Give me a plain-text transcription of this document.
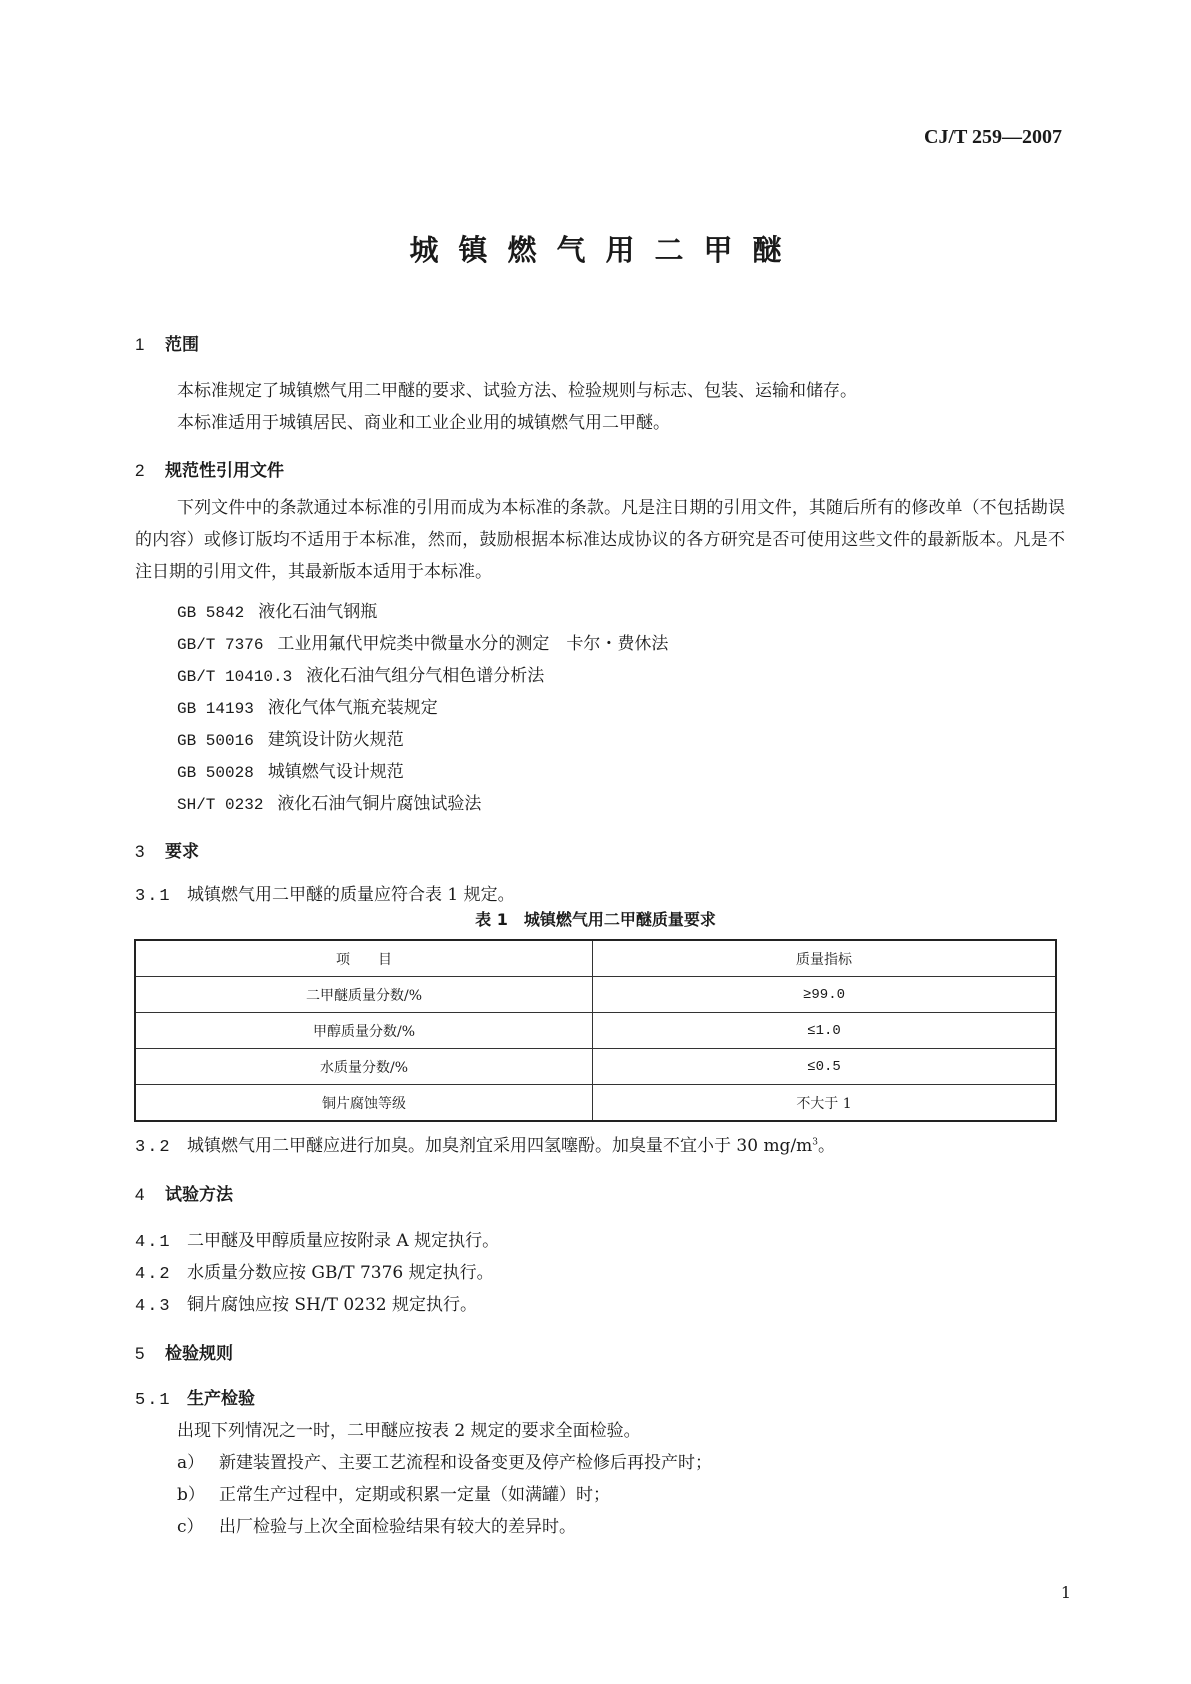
CJ/T 259—2007
城镇燃气用二甲醚
1 范围
本标准规定了城镇燃气用二甲醚的要求、试验方法、检验规则与标志、包装、运输和储存。
本标准适用于城镇居民、商业和工业企业用的城镇燃气用二甲醚。
2 规范性引用文件
下列文件中的条款通过本标准的引用而成为本标准的条款。凡是注日期的引用文件，其随后所有的修改单（不包括勘误的内容）或修订版均不适用于本标准，然而，鼓励根据本标准达成协议的各方研究是否可使用这些文件的最新版本。凡是不注日期的引用文件，其最新版本适用于本标准。
GB 5842 液化石油气钢瓶
GB/T 7376 工业用氟代甲烷类中微量水分的测定　卡尔・费休法
GB/T 10410.3 液化石油气组分气相色谱分析法
GB 14193 液化气体气瓶充装规定
GB 50016 建筑设计防火规范
GB 50028 城镇燃气设计规范
SH/T 0232 液化石油气铜片腐蚀试验法
3 要求
3.1 城镇燃气用二甲醚的质量应符合表 1 规定。
表 1　城镇燃气用二甲醚质量要求
项　　目	质量指标
二甲醚质量分数/%	≥99.0
甲醇质量分数/%	≤1.0
水质量分数/%	≤0.5
铜片腐蚀等级	不大于 1
3.2 城镇燃气用二甲醚应进行加臭。加臭剂宜采用四氢噻酚。加臭量不宜小于 30 $mg/m^3$。
4 试验方法
4.1 二甲醚及甲醇质量应按附录 A 规定执行。
4.2 水质量分数应按 GB/T 7376 规定执行。
4.3 铜片腐蚀应按 SH/T 0232 规定执行。
5 检验规则
5.1 生产检验
出现下列情况之一时，二甲醚应按表 2 规定的要求全面检验。
a） 新建装置投产、主要工艺流程和设备变更及停产检修后再投产时；
b） 正常生产过程中，定期或积累一定量（如满罐）时；
c） 出厂检验与上次全面检验结果有较大的差异时。
1
